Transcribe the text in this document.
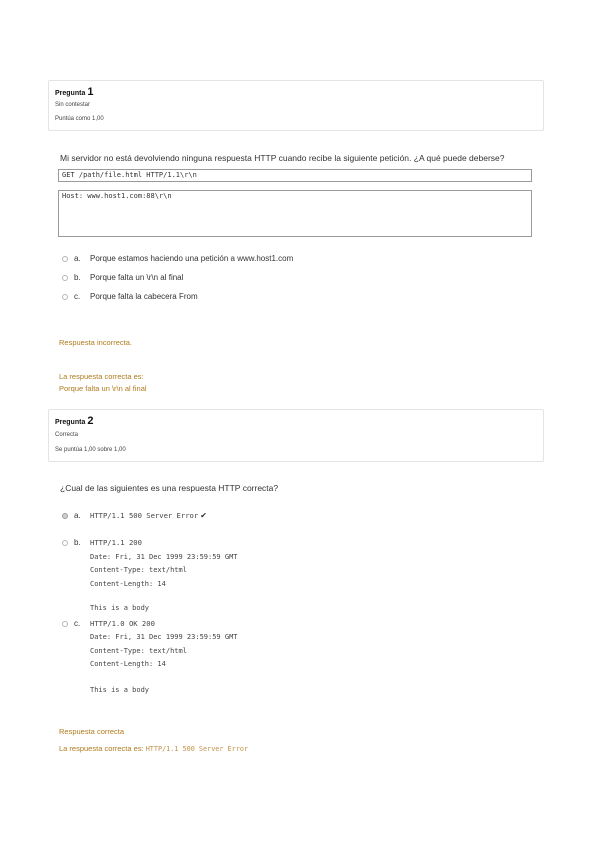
Pregunta 1
Sin contestar
Puntúa como 1,00
Mi servidor no está devolviendo ninguna respuesta HTTP cuando recibe la siguiente petición. ¿A qué puede deberse?
GET /path/file.html HTTP/1.1\r\n
Host: www.host1.com:88\r\n
a.	Porque estamos haciendo una petición a www.host1.com
b.	Porque falta un \r\n al final
c.	Porque falta la cabecera From
Respuesta incorrecta.
La respuesta correcta es:
Porque falta un \r\n al final
Pregunta 2
Correcta
Se puntúa 1,00 sobre 1,00
¿Cual de las siguientes es una respuesta HTTP correcta?
a.	HTTP/1.1 500 Server Error ✔
b.	HTTP/1.1 200
Date: Fri, 31 Dec 1999 23:59:59 GMT
Content-Type: text/html
Content-Length: 14
This is a body
c.	HTTP/1.0 OK 200
Date: Fri, 31 Dec 1999 23:59:59 GMT
Content-Type: text/html
Content-Length: 14
This is a body
Respuesta correcta
La respuesta correcta es: HTTP/1.1 500 Server Error
